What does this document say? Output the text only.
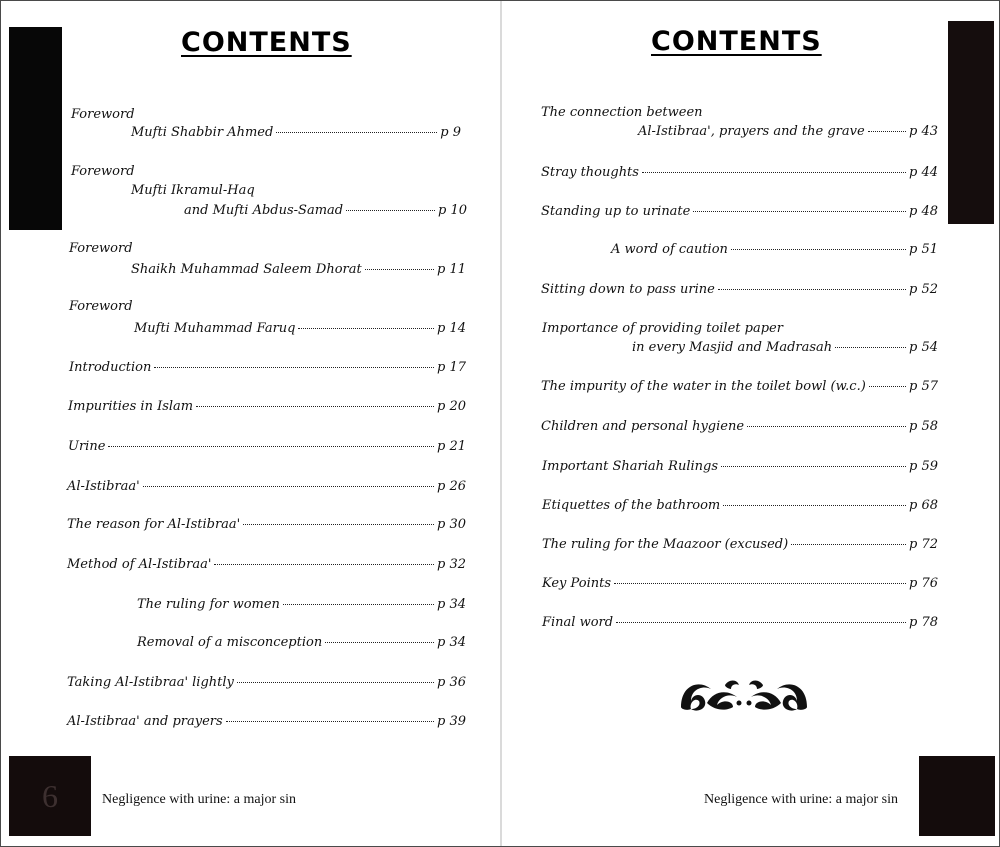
6
CONTENTS
Foreword
Mufti Shabbir Ahmed	p 9
Foreword
Mufti Ikramul-Haq
and Mufti Abdus-Samad	p 10
Foreword
Shaikh Muhammad Saleem Dhorat	p 11
Foreword
Mufti Muhammad Faruq	p 14
Introduction	p 17
Impurities in Islam	p 20
Urine	p 21
Al-Istibraa'	p 26
The reason for Al-Istibraa'	p 30
Method of Al-Istibraa'	p 32
The ruling for women	p 34
Removal of a misconception	p 34
Taking Al-Istibraa' lightly	p 36
Al-Istibraa' and prayers	p 39
Negligence with urine: a major sin
CONTENTS
The connection between
Al-Istibraa', prayers and the grave	p 43
Stray thoughts	p 44
Standing up to urinate	p 48
A word of caution	p 51
Sitting down to pass urine	p 52
Importance of providing toilet paper
in every Masjid and Madrasah	p 54
The impurity of the water in the toilet bowl (w.c.)	p 57
Children and personal hygiene	p 58
Important Shariah Rulings	p 59
Etiquettes of the bathroom	p 68
The ruling for the Maazoor (excused)	p 72
Key Points	p 76
Final word	p 78
Negligence with urine: a major sin
